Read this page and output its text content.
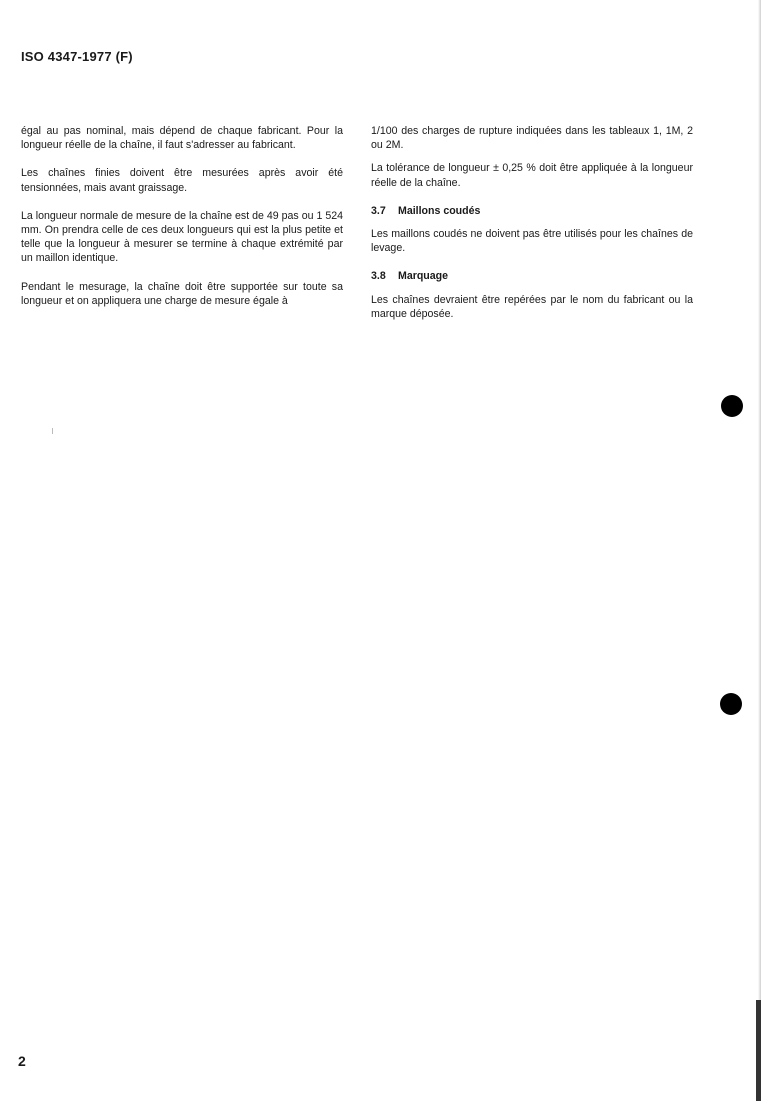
ISO 4347-1977 (F)

égal au pas nominal, mais dépend de chaque fabricant. Pour la longueur réelle de la chaîne, il faut s'adresser au fabricant.

Les chaînes finies doivent être mesurées après avoir été tensionnées, mais avant graissage.

La longueur normale de mesure de la chaîne est de 49 pas ou 1 524 mm. On prendra celle de ces deux longueurs qui est la plus petite et telle que la longueur à mesurer se termine à chaque extrémité par un maillon identique.

Pendant le mesurage, la chaîne doit être supportée sur toute sa longueur et on appliquera une charge de mesure égale à

1/100 des charges de rupture indiquées dans les tableaux 1, 1M, 2 ou 2M.

La tolérance de longueur ± 0,25 % doit être appliquée à la longueur réelle de la chaîne.

3.7 Maillons coudés

Les maillons coudés ne doivent pas être utilisés pour les chaînes de levage.

3.8 Marquage

Les chaînes devraient être repérées par le nom du fabricant ou la marque déposée.

2
